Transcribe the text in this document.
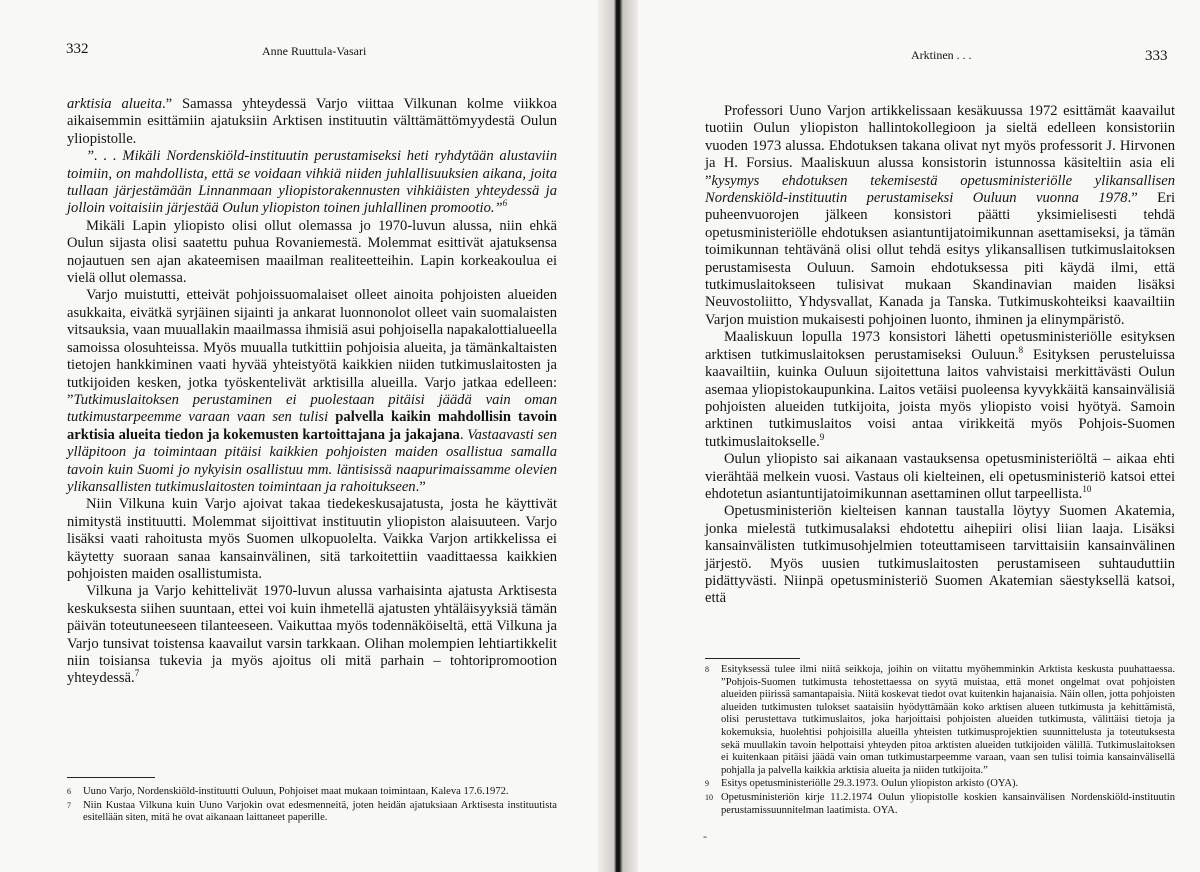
332	Anne Ruuttula-Vasari

arktisia alueita.” Samassa yhteydessä Varjo viittaa Vilkunan kolme viikkoa aikaisemmin esittämiin ajatuksiin Arktisen instituutin välttämättömyydestä Oulun yliopistolle.

”. . . Mikäli Nordenskiöld-instituutin perustamiseksi heti ryhdytään alustaviin toimiin, on mahdollista, että se voidaan vihkiä niiden juhlallisuuksien aikana, joita tullaan järjestämään Linnanmaan yliopistorakennusten vihkiäisten yhteydessä ja jolloin voitaisiin järjestää Oulun yliopiston toinen juhlallinen promootio.”$^6$

Mikäli Lapin yliopisto olisi ollut olemassa jo 1970-luvun alussa, niin ehkä Oulun sijasta olisi saatettu puhua Rovaniemestä. Molemmat esittivät ajatuksensa nojautuen sen ajan akateemisen maailman realiteetteihin. Lapin korkeakoulua ei vielä ollut olemassa.

Varjo muistutti, etteivät pohjoissuomalaiset olleet ainoita pohjoisten alueiden asukkaita, eivätkä syrjäinen sijainti ja ankarat luonnonolot olleet vain suomalaisten vitsauksia, vaan muuallakin maailmassa ihmisiä asui pohjoisella napakalottialueella samoissa olosuhteissa. Myös muualla tutkittiin pohjoisia alueita, ja tämänkaltaisten tietojen hankkiminen vaati hyvää yhteistyötä kaikkien niiden tutkimuslaitosten ja tutkijoiden kesken, jotka työskentelivät arktisilla alueilla. Varjo jatkaa edelleen: ”Tutkimuslaitoksen perustaminen ei puolestaan pitäisi jäädä vain oman tutkimustarpeemme varaan vaan sen tulisi palvella kaikin mahdollisin tavoin arktisia alueita tiedon ja kokemusten kartoittajana ja jakajana. Vastaavasti sen ylläpitoon ja toimintaan pitäisi kaikkien pohjoisten maiden osallistua samalla tavoin kuin Suomi jo nykyisin osallistuu mm. läntisissä naapurimaissamme olevien ylikansallisten tutkimuslaitosten toimintaan ja rahoitukseen.”

Niin Vilkuna kuin Varjo ajoivat takaa tiedekeskusajatusta, josta he käyttivät nimitystä instituutti. Molemmat sijoittivat instituutin yliopiston alaisuuteen. Varjo lisäksi vaati rahoitusta myös Suomen ulkopuolelta. Vaikka Varjon artikkelissa ei käytetty suoraan sanaa kansainvälinen, sitä tarkoitettiin vaadittaessa kaikkien pohjoisten maiden osallistumista.

Vilkuna ja Varjo kehittelivät 1970-luvun alussa varhaisinta ajatusta Arktisesta keskuksesta siihen suuntaan, ettei voi kuin ihmetellä ajatusten yhtäläisyyksiä tämän päivän toteutuneeseen tilanteeseen. Vaikuttaa myös todennäköiseltä, että Vilkuna ja Varjo tunsivat toistensa kaavailut varsin tarkkaan. Olihan molempien lehtiartikkelit niin toisiansa tukevia ja myös ajoitus oli mitä parhain – tohtoripromootion yhteydessä.$^7$

6 Uuno Varjo, Nordenskiöld-instituutti Ouluun, Pohjoiset maat mukaan toimintaan, Kaleva 17.6.1972.

7 Niin Kustaa Vilkuna kuin Uuno Varjokin ovat edesmenneitä, joten heidän ajatuksiaan Arktisesta instituutista esitellään siten, mitä he ovat aikanaan laittaneet paperille.

Arktinen . . .	333

Professori Uuno Varjon artikkelissaan kesäkuussa 1972 esittämät kaavailut tuotiin Oulun yliopiston hallintokollegioon ja sieltä edelleen konsistoriin vuoden 1973 alussa. Ehdotuksen takana olivat nyt myös professorit J. Hirvonen ja H. Forsius. Maaliskuun alussa konsistorin istunnossa käsiteltiin asia eli ”kysymys ehdotuksen tekemisestä opetusministeriölle ylikansallisen Nordenskiöld-instituutin perustamiseksi Ouluun vuonna 1978.” Eri puheenvuorojen jälkeen konsistori päätti yksimielisesti tehdä opetusministeriölle ehdotuksen asiantuntijatoimikunnan asettamiseksi, ja tämän toimikunnan tehtävänä olisi ollut tehdä esitys ylikansallisen tutkimuslaitoksen perustamisesta Ouluun. Samoin ehdotuksessa piti käydä ilmi, että tutkimuslaitokseen tulisivat mukaan Skandinavian maiden lisäksi Neuvostoliitto, Yhdysvallat, Kanada ja Tanska. Tutkimuskohteiksi kaavailtiin Varjon muistion mukaisesti pohjoinen luonto, ihminen ja elinympäristö.

Maaliskuun lopulla 1973 konsistori lähetti opetusministeriölle esityksen arktisen tutkimuslaitoksen perustamiseksi Ouluun.$^8$ Esityksen perusteluissa kaavailtiin, kuinka Ouluun sijoitettuna laitos vahvistaisi merkittävästi Oulun asemaa yliopistokaupunkina. Laitos vetäisi puoleensa kyvykkäitä kansainvälisiä pohjoisten alueiden tutkijoita, joista myös yliopisto voisi hyötyä. Samoin arktinen tutkimuslaitos voisi antaa virikkeitä myös Pohjois-Suomen tutkimuslaitokselle.$^9$

Oulun yliopisto sai aikanaan vastauksensa opetusministeriöltä – aikaa ehti vierähtää melkein vuosi. Vastaus oli kielteinen, eli opetusministeriö katsoi ettei ehdotetun asiantuntijatoimikunnan asettaminen ollut tarpeellista.$^{10}$

Opetusministeriön kielteisen kannan taustalla löytyy Suomen Akatemia, jonka mielestä tutkimusalaksi ehdotettu aihepiiri olisi liian laaja. Lisäksi kansainvälisten tutkimusohjelmien toteuttamiseen tarvittaisiin kansainvälinen järjestö. Myös uusien tutkimuslaitosten perustamiseen suhtauduttiin pidättyvästi. Niinpä opetusministeriö Suomen Akatemian säestyksellä katsoi, että

8 Esityksessä tulee ilmi niitä seikkoja, joihin on viitattu myöhemminkin Arktista keskusta puuhattaessa. ”Pohjois-Suomen tutkimusta tehostettaessa on syytä muistaa, että monet ongelmat ovat pohjoisten alueiden piirissä samantapaisia. Niitä koskevat tiedot ovat kuitenkin hajanaisia. Näin ollen, jotta pohjoisten alueiden tutkimusten tulokset saataisiin hyödyttämään koko arktisen alueen tutkimusta ja kehittämistä, olisi perustettava tutkimuslaitos, joka harjoittaisi pohjoisten alueiden tutkimusta, välittäisi tietoja ja kokemuksia, huolehtisi pohjoisilla alueilla yhteisten tutkimusprojektien suunnittelusta ja toteutuksesta sekä muullakin tavoin helpottaisi yhteyden pitoa arktisten alueiden tutkijoiden välillä. Tutkimuslaitoksen ei kuitenkaan pitäisi jäädä vain oman tutkimustarpeemme varaan, vaan sen tulisi toimia kansainvälisellä pohjalla ja palvella kaikkia arktisia alueita ja niiden tutkijoita.”

9 Esitys opetusministeriölle 29.3.1973. Oulun yliopiston arkisto (OYA).

10 Opetusministeriön kirje 11.2.1974 Oulun yliopistolle koskien kansainvälisen Nordenskiöld-instituutin perustamissuunnitelman laatimista. OYA.

-
